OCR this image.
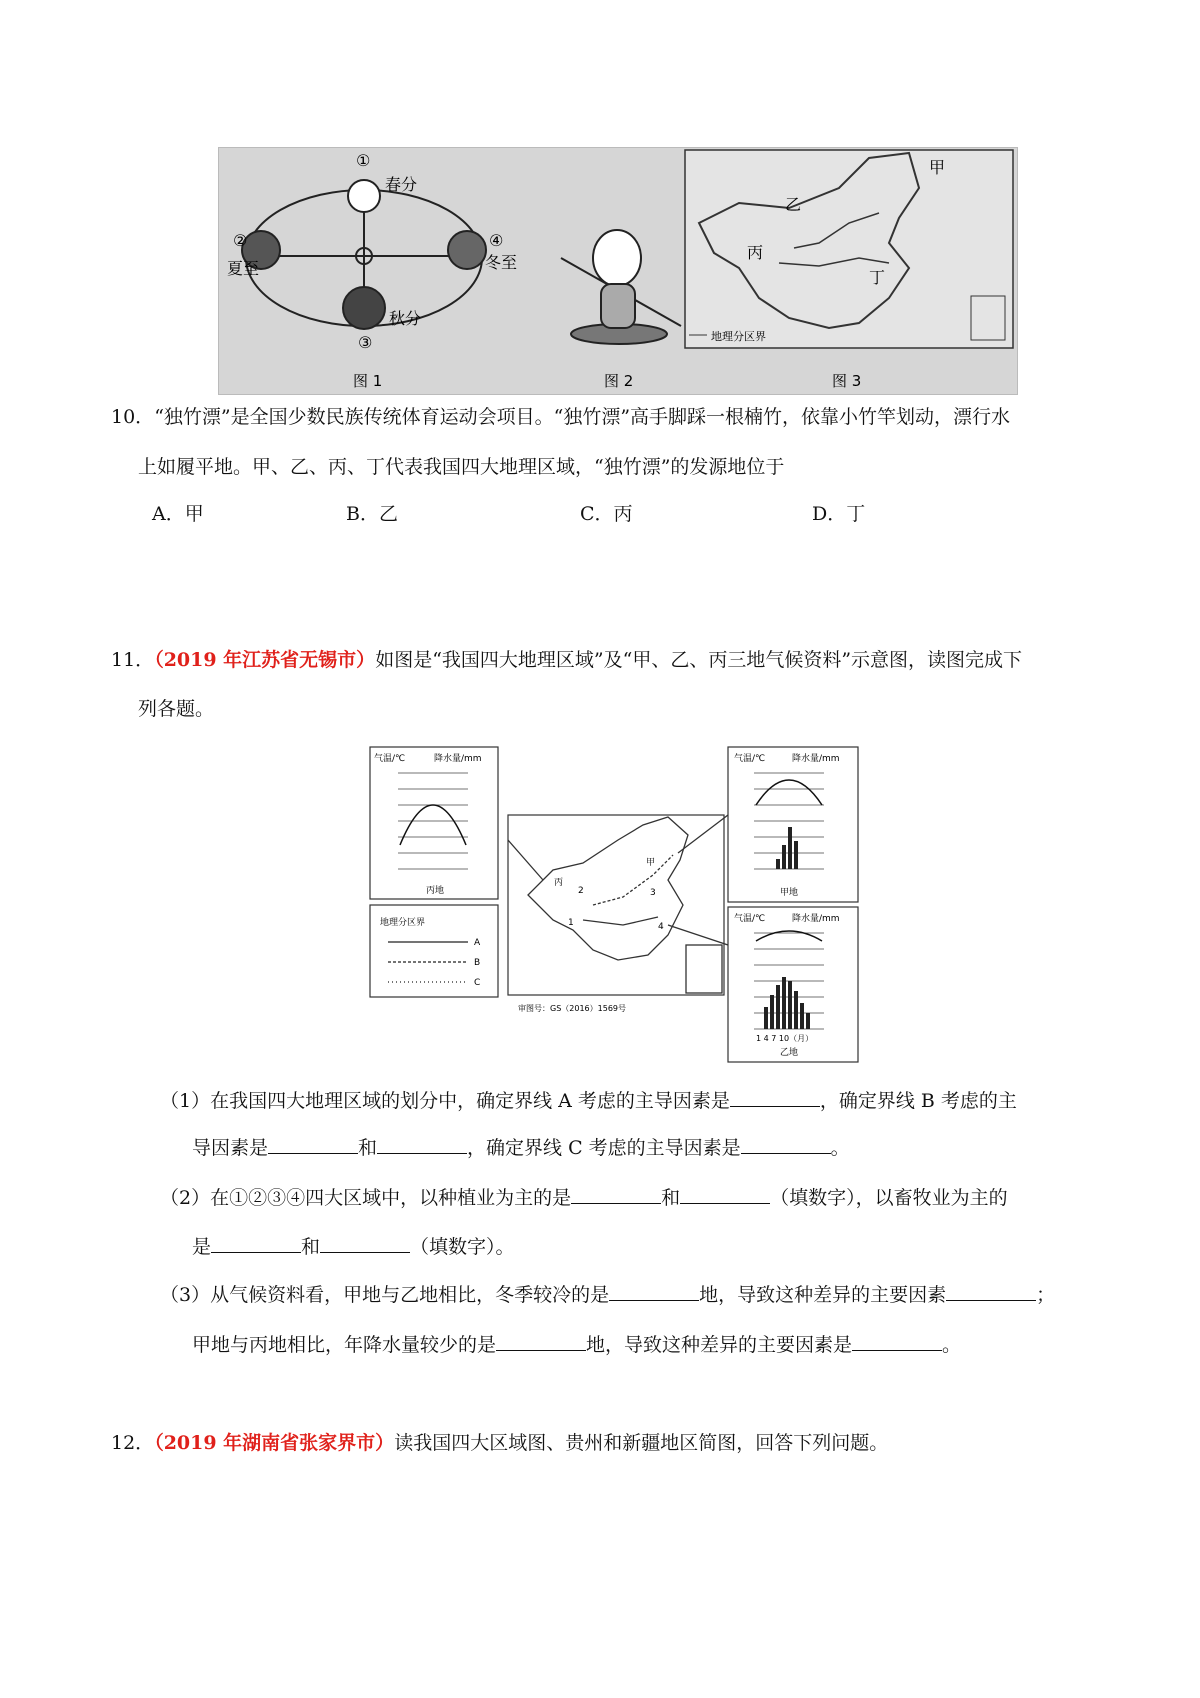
①
春分
②
夏至
④
冬至
秋分
③
甲
乙
丙
丁
地理分区界
图 1	图 2	图 3
10．“独竹漂”是全国少数民族传统体育运动会项目。“独竹漂”高手脚踩一根楠竹，依靠小竹竿划动，漂行水
上如履平地。甲、乙、丙、丁代表我国四大地理区域，“独竹漂”的发源地位于
A．甲	B．乙	C．丙	D．丁
11．（2019 年江苏省无锡市）如图是“我国四大地理区域”及“甲、乙、丙三地气候资料”示意图，读图完成下
列各题。
气温/℃	降水量/mm
丙地
地理分区界
A
B
C
丙
甲
2
1
3
4
审图号：GS（2016）1569号
气温/℃	降水量/mm
甲地
气温/℃	降水量/mm
1 4 7 10（月）
乙地
（1）在我国四大地理区域的划分中，确定界线 A 考虑的主导因素是	，确定界线 B 考虑的主
导因素是	和	，确定界线 C 考虑的主导因素是	。
（2）在①②③④四大区域中，以种植业为主的是	和	（填数字），以畜牧业为主的
是	和	（填数字）。
（3）从气候资料看，甲地与乙地相比，冬季较冷的是	地，导致这种差异的主要因素	；
甲地与丙地相比，年降水量较少的是	地，导致这种差异的主要因素是	。
12．（2019 年湖南省张家界市）读我国四大区域图、贵州和新疆地区简图，回答下列问题。
